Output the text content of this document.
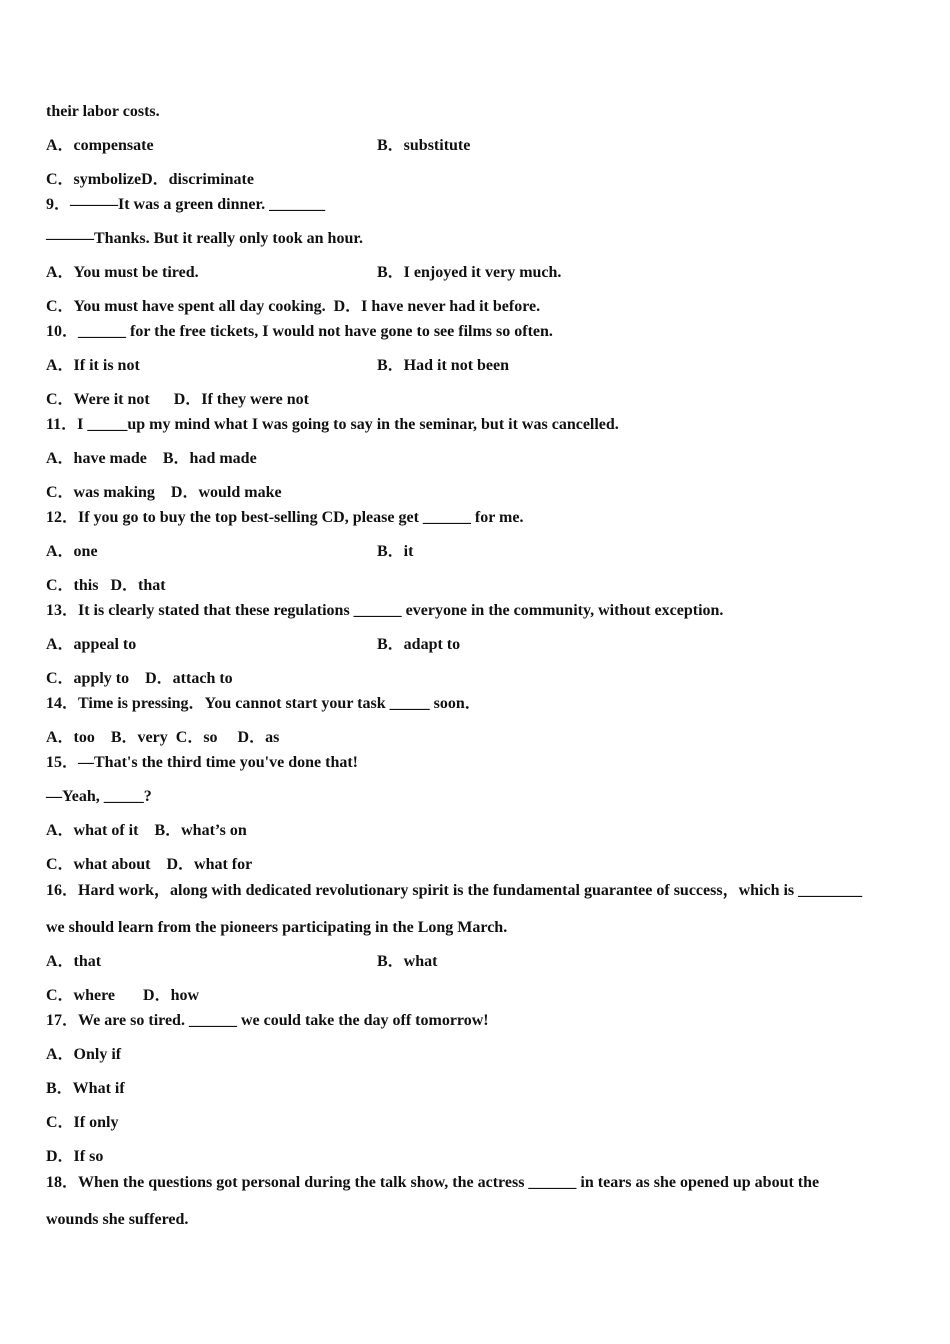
their labor costs.
A．compensate	B．substitute
C．symbolizeD．discriminate
9．———It was a green dinner. _______
———Thanks. But it really only took an hour.
A．You must be tired.	B．I enjoyed it very much.
C．You must have spent all day cooking.  D．I have never had it before.
10．______ for the free tickets, I would not have gone to see films so often.
A．If it is not	B．Had it not been
C．Were it not      D．If they were not
11．I _____up my mind what I was going to say in the seminar, but it was cancelled.
A．have made    B．had made
C．was making    D．would make
12．If you go to buy the top best-selling CD, please get ______ for me.
A．one	B．it
C．this   D．that
13．It is clearly stated that these regulations ______ everyone in the community, without exception.
A．appeal to	B．adapt to
C．apply to    D．attach to
14．Time is pressing．You cannot start your task _____ soon．
A．too    B．very  C．so     D．as
15．—That's the third time you've done that!
—Yeah, _____?
A．what of it    B．what’s on
C．what about    D．what for
16．Hard work，along with dedicated revolutionary spirit is the fundamental guarantee of success，which is ________
we should learn from the pioneers participating in the Long March.
A．that	B．what
C．where       D．how
17．We are so tired. ______ we could take the day off tomorrow!
A．Only if
B．What if
C．If only
D．If so
18．When the questions got personal during the talk show, the actress ______ in tears as she opened up about the
wounds she suffered.
